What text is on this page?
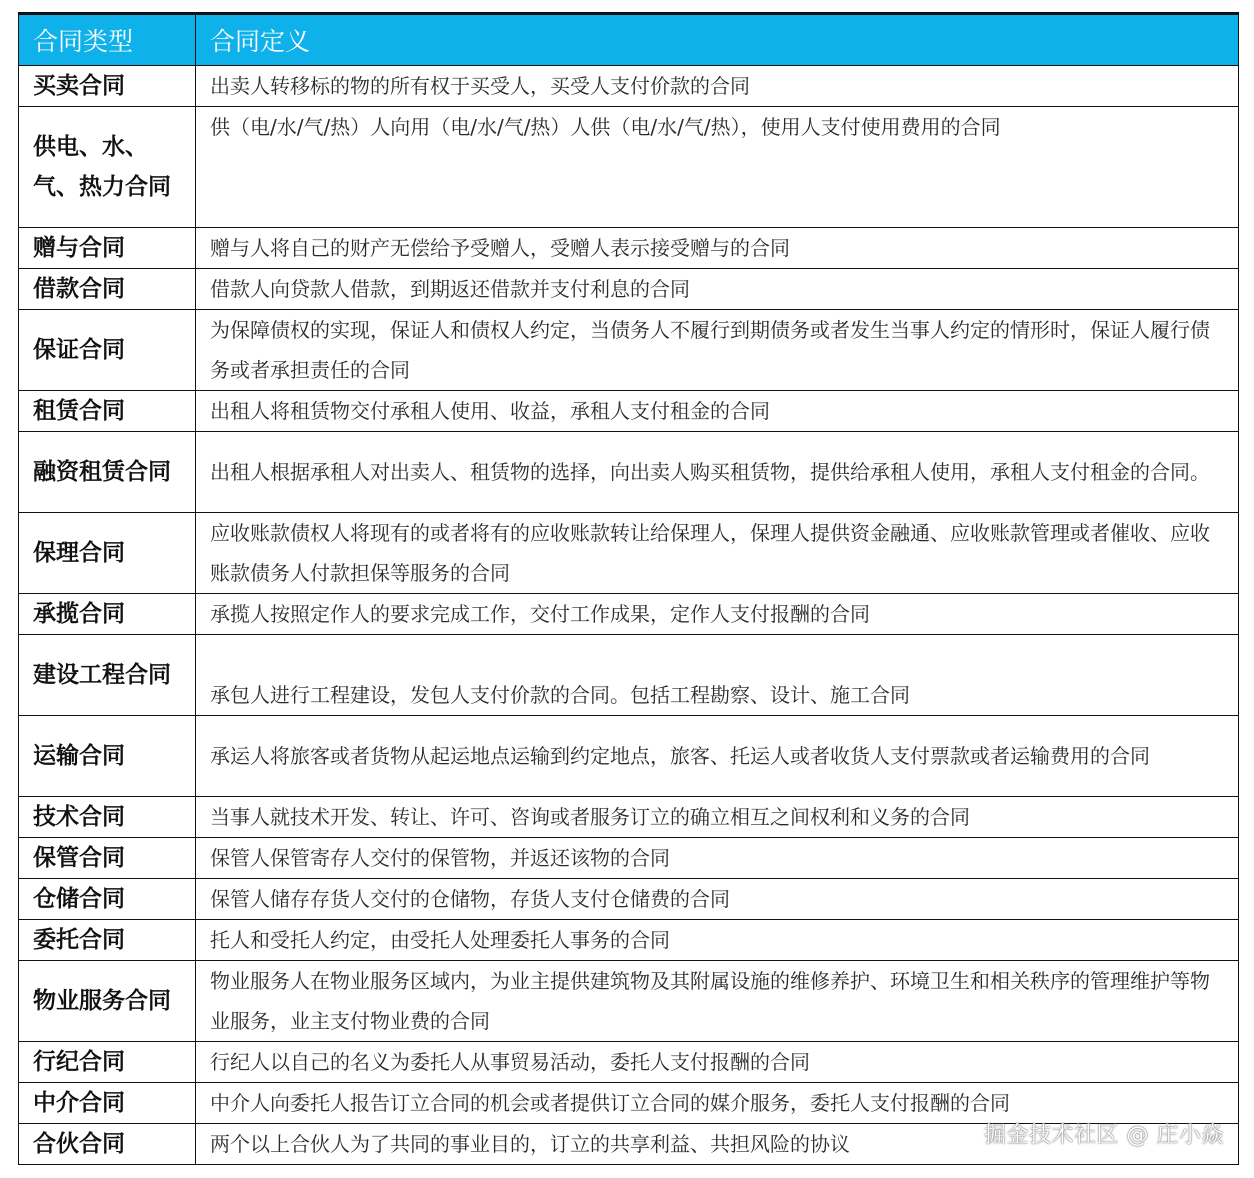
合同类型	合同定义
买卖合同	出卖人转移标的物的所有权于买受人，买受人支付价款的合同
供电、水、气、热力合同	供（电/水/气/热）人向用（电/水/气/热）人供（电/水/气/热），使用人支付使用费用的合同
赠与合同	赠与人将自己的财产无偿给予受赠人，受赠人表示接受赠与的合同
借款合同	借款人向贷款人借款，到期返还借款并支付利息的合同
保证合同	为保障债权的实现，保证人和债权人约定，当债务人不履行到期债务或者发生当事人约定的情形时，保证人履行债务或者承担责任的合同
租赁合同	出租人将租赁物交付承租人使用、收益，承租人支付租金的合同
融资租赁合同	出租人根据承租人对出卖人、租赁物的选择，向出卖人购买租赁物，提供给承租人使用，承租人支付租金的合同。
保理合同	应收账款债权人将现有的或者将有的应收账款转让给保理人，保理人提供资金融通、应收账款管理或者催收、应收账款债务人付款担保等服务的合同
承揽合同	承揽人按照定作人的要求完成工作，交付工作成果，定作人支付报酬的合同
建设工程合同	承包人进行工程建设，发包人支付价款的合同。包括工程勘察、设计、施工合同
运输合同	承运人将旅客或者货物从起运地点运输到约定地点，旅客、托运人或者收货人支付票款或者运输费用的合同
技术合同	当事人就技术开发、转让、许可、咨询或者服务订立的确立相互之间权利和义务的合同
保管合同	保管人保管寄存人交付的保管物，并返还该物的合同
仓储合同	保管人储存存货人交付的仓储物，存货人支付仓储费的合同
委托合同	托人和受托人约定，由受托人处理委托人事务的合同
物业服务合同	物业服务人在物业服务区域内，为业主提供建筑物及其附属设施的维修养护、环境卫生和相关秩序的管理维护等物业服务，业主支付物业费的合同
行纪合同	行纪人以自己的名义为委托人从事贸易活动，委托人支付报酬的合同
中介合同	中介人向委托人报告订立合同的机会或者提供订立合同的媒介服务，委托人支付报酬的合同
合伙合同	两个以上合伙人为了共同的事业目的，订立的共享利益、共担风险的协议	掘金技术社区 @ 庄小焱
